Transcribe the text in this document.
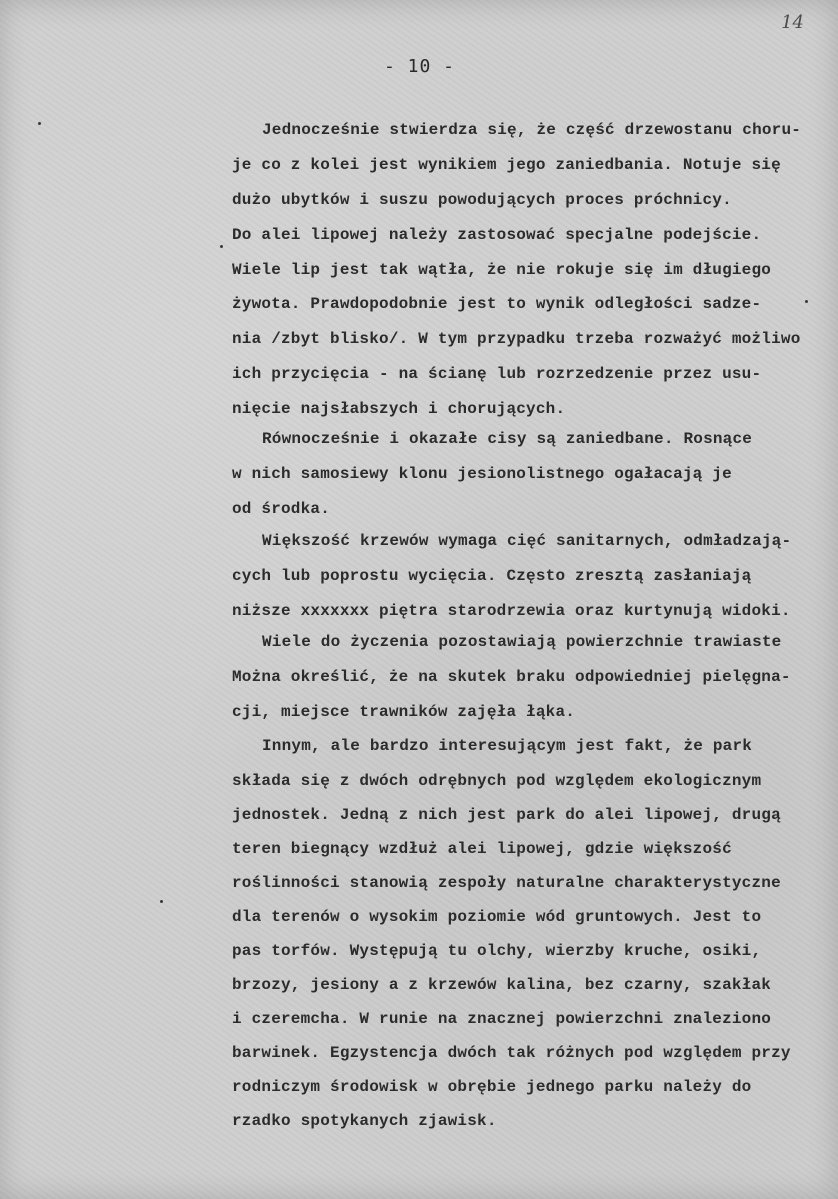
14
- 10 -
Jednocześnie stwierdza się, że część drzewostanu choru-
je co z kolei jest wynikiem jego zaniedbania. Notuje się
dużo ubytków i suszu powodujących proces próchnicy.
Do alei lipowej należy zastosować specjalne podejście.
Wiele lip jest tak wątła, że nie rokuje się im długiego
żywota. Prawdopodobnie jest to wynik odległości sadze-
nia /zbyt blisko/. W tym przypadku trzeba rozważyć możliwo
ich przycięcia - na ścianę lub rozrzedzenie przez usu-
nięcie najsłabszych i chorujących.
Równocześnie i okazałe cisy są zaniedbane. Rosnące
w nich samosiewy klonu jesionolistnego ogałacają je
od środka.
Większość krzewów wymaga cięć sanitarnych, odmładzają-
cych lub poprostu wycięcia. Często zresztą zasłaniają
niższe xxxxxxx piętra starodrzewia oraz kurtynują widoki.
Wiele do życzenia pozostawiają powierzchnie trawiaste
Można określić, że na skutek braku odpowiedniej pielęgna-
cji, miejsce trawników zajęła łąka.
Innym, ale bardzo interesującym jest fakt, że park
składa się z dwóch odrębnych pod względem ekologicznym
jednostek. Jedną z nich jest park do alei lipowej, drugą
teren biegnący wzdłuż alei lipowej, gdzie większość
roślinności stanowią zespoły naturalne charakterystyczne
dla terenów o wysokim poziomie wód gruntowych. Jest to
pas torfów. Występują tu olchy, wierzby kruche, osiki,
brzozy, jesiony a z krzewów kalina, bez czarny, szakłak
i czeremcha. W runie na znacznej powierzchni znaleziono
barwinek. Egzystencja dwóch tak różnych pod względem przy
rodniczym środowisk w obrębie jednego parku należy do
rzadko spotykanych zjawisk.
